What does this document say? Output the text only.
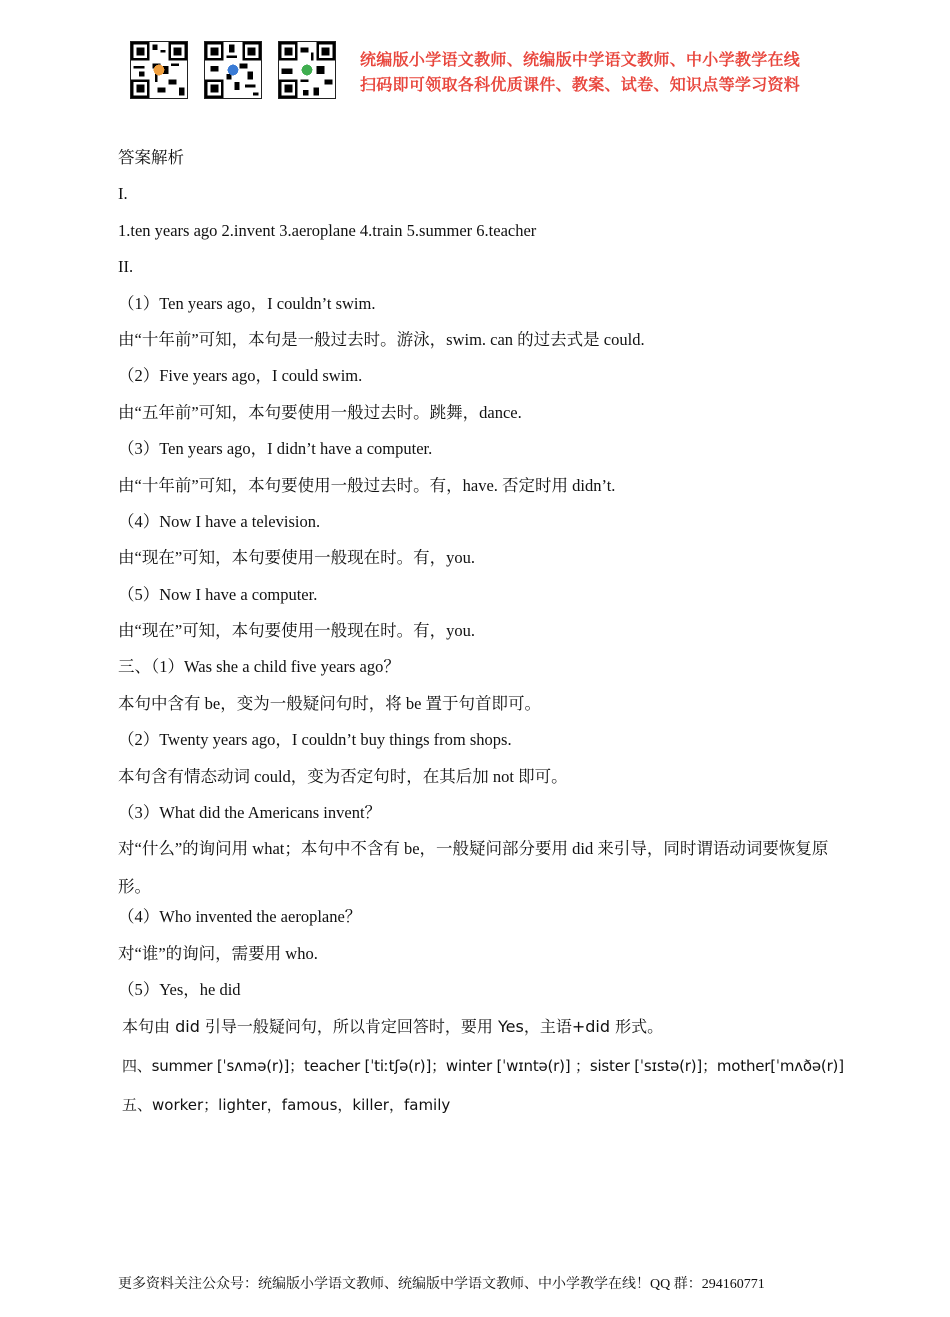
统编版小学语文教师、统编版中学语文教师、中小学教学在线
扫码即可领取各科优质课件、教案、试卷、知识点等学习资料
答案解析
I.
1.ten years ago 2.invent 3.aeroplane 4.train 5.summer 6.teacher
II.
（1）Ten years ago，I couldn’t swim.
由“十年前”可知，本句是一般过去时。游泳，swim. can 的过去式是 could.
（2）Five years ago，I could swim.
由“五年前”可知，本句要使用一般过去时。跳舞，dance.
（3）Ten years ago，I didn’t have a computer.
由“十年前”可知，本句要使用一般过去时。有，have. 否定时用 didn’t.
（4）Now I have a television.
由“现在”可知，本句要使用一般现在时。有，you.
（5）Now I have a computer.
由“现在”可知，本句要使用一般现在时。有，you.
三、（1）Was she a child five years ago？
本句中含有 be，变为一般疑问句时，将 be 置于句首即可。
（2）Twenty years ago，I couldn’t buy things from shops.
本句含有情态动词 could，变为否定句时，在其后加 not 即可。
（3）What did the Americans invent？
对“什么”的询问用 what；本句中不含有 be，一般疑问部分要用 did 来引导，同时谓语动词要恢复原形。
（4）Who invented the aeroplane？
对“谁”的询问，需要用 who.
（5）Yes，he did
本句由 did 引导一般疑问句，所以肯定回答时，要用 Yes，主语+did 形式。
四、summer [ˈsʌmə(r)]；teacher [ˈtiːtʃə(r)]；winter [ˈwɪntə(r)] ；sister [ˈsɪstə(r)]；mother[ˈmʌðə(r)]
五、worker；lighter，famous，killer，family
更多资料关注公众号：统编版小学语文教师、统编版中学语文教师、中小学教学在线！QQ 群：294160771
